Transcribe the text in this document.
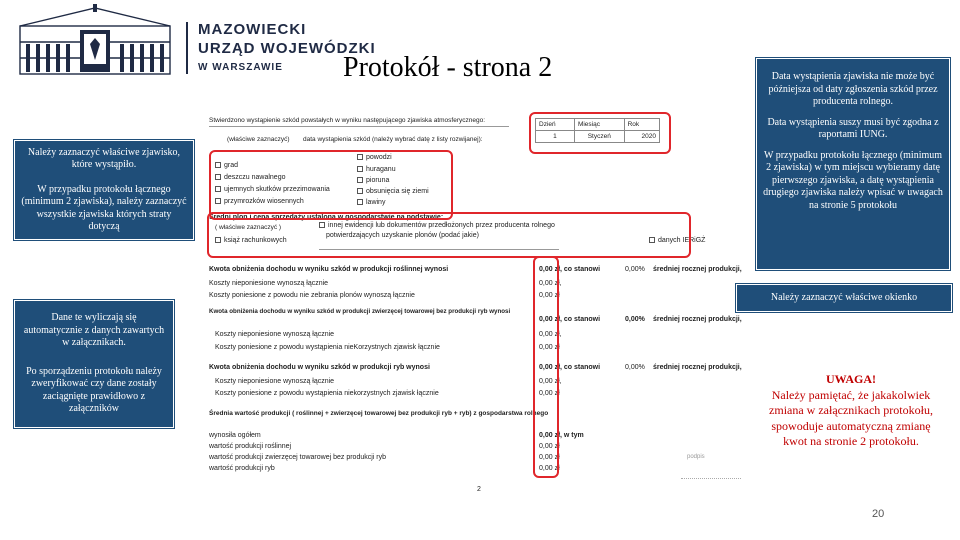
MAZOWIECKI
URZĄD WOJEWÓDZKI
W WARSZAWIE Protokół - strona 2
Stwierdzono wystąpienie szkód powstałych w wyniku następującego zjawiska atmosferycznego:
(właściwe zaznaczyć) data wystąpienia szkód (należy wybrać datę z listy rozwijanej):
Dzień	Miesiąc	Rok
1	Styczeń	2020
grad
deszczu nawalnego
ujemnych skutków przezimowania
przymrozków wiosennych
powodzi
huraganu
pioruna
obsunięcia się ziemi
lawiny
Średni plon i cena sprzedaży ustalona w gospodarstwie na podstawie:
( właściwe zaznaczyć )
książ rachunkowych
innej ewidencji lub dokumentów przedłożonych przez producenta rolnego
potwierdzających uzyskanie plonów (podać jakie)
danych IERiGŻ
Kwota obniżenia dochodu w wyniku szkód w produkcji roślinnej wynosi	0,00 zł, co stanowi	0,00% średniej rocznej produkcji,
Koszty nieponiesione wynoszą łącznie	0,00 zł,
Koszty poniesione z powodu nie zebrania plonów wynoszą łącznie	0,00 zł
Kwota obniżenia dochodu w wyniku szkód w produkcji zwierzęcej towarowej bez produkcji ryb wynosi
0,00 zł, co stanowi	0,00% średniej rocznej produkcji,
Koszty nieponiesione wynoszą łącznie	0,00 zł,
Koszty poniesione z powodu wystąpienia nieKorzystnych zjawisk łącznie	0,00 zł
Kwota obniżenia dochodu w wyniku szkód w produkcji ryb wynosi	0,00 zł, co stanowi	0,00% średniej rocznej produkcji,
Koszty nieponiesione wynoszą łącznie	0,00 zł,
Koszty poniesione z powodu wystąpienia niekorzystnych zjawisk łącznie	0,00 zł
Średnia wartość produkcji ( roślinnej + zwierzęcej towarowej bez produkcji ryb + ryb) z gospodarstwa rolnego
wynosiła ogółem	0,00 zł, w tym
wartość produkcji roślinnej	0,00 zł
wartość produkcji zwierzęcej towarowej bez produkcji ryb	0,00 zł
wartość produkcji ryb	0,00 zł
podpis
2
Należy zaznaczyć właściwe zjawisko, które wystąpiło.
W przypadku protokołu łącznego (minimum 2 zjawiska), należy zaznaczyć wszystkie zjawiska których straty dotyczą
Dane te wyliczają się automatycznie z danych zawartych w załącznikach.
Po sporządzeniu protokołu należy zweryfikować czy dane zostały zaciągnięte prawidłowo z załączników
Data wystąpienia zjawiska nie może być późniejsza od daty zgłoszenia szkód przez producenta rolnego.
Data wystąpienia suszy musi być zgodna z raportami IUNG.
W przypadku protokołu łącznego (minimum 2 zjawiska) w tym miejscu wybieramy datę pierwszego zjawiska, a datę wystąpienia drugiego zjawiska należy wpisać w uwagach na stronie 5 protokołu
Należy zaznaczyć właściwe okienko
UWAGA!
Należy pamiętać, że jakakolwiek zmiana w załącznikach protokołu, spowoduje automatyczną zmianę kwot na stronie 2 protokołu.
20
